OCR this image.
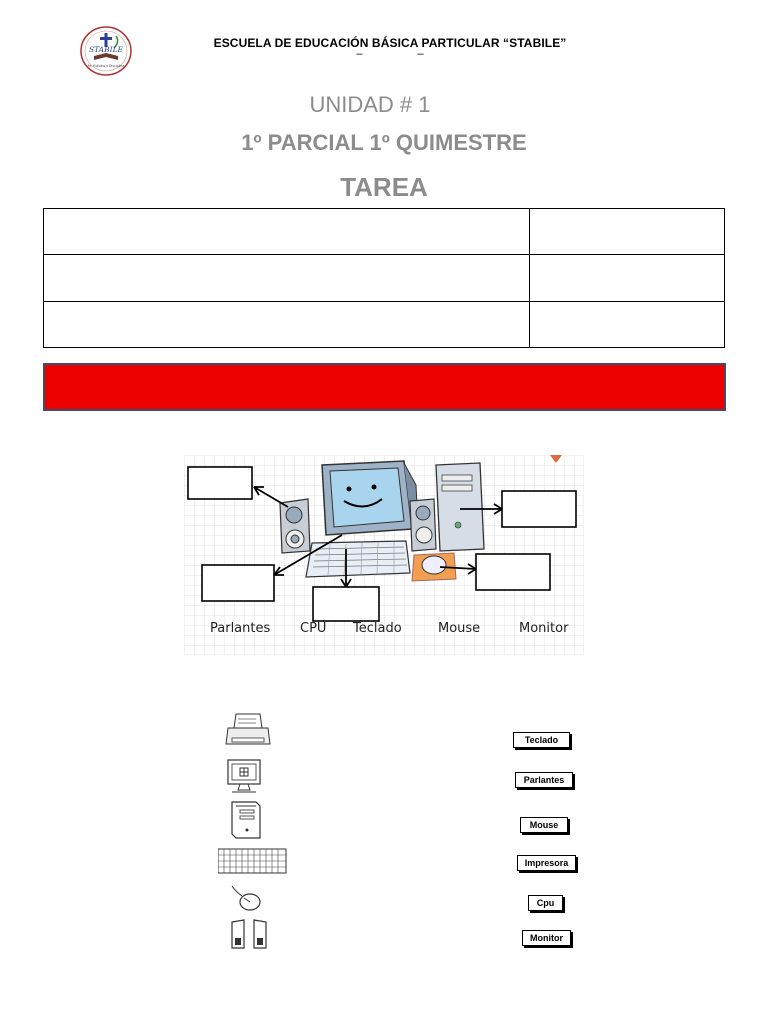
STABILE
Fe, Estudio y Disciplina
ESCUELA DE EDUCACIÓN BÁSICA PARTICULAR “STABILE”
–	–
UNIDAD # 1
1º PARCIAL 1º QUIMESTRE
TAREA

Parlantes CPU Teclado	Mouse	Monitor
Teclado
Parlantes
Mouse
Impresora
Cpu
Monitor
